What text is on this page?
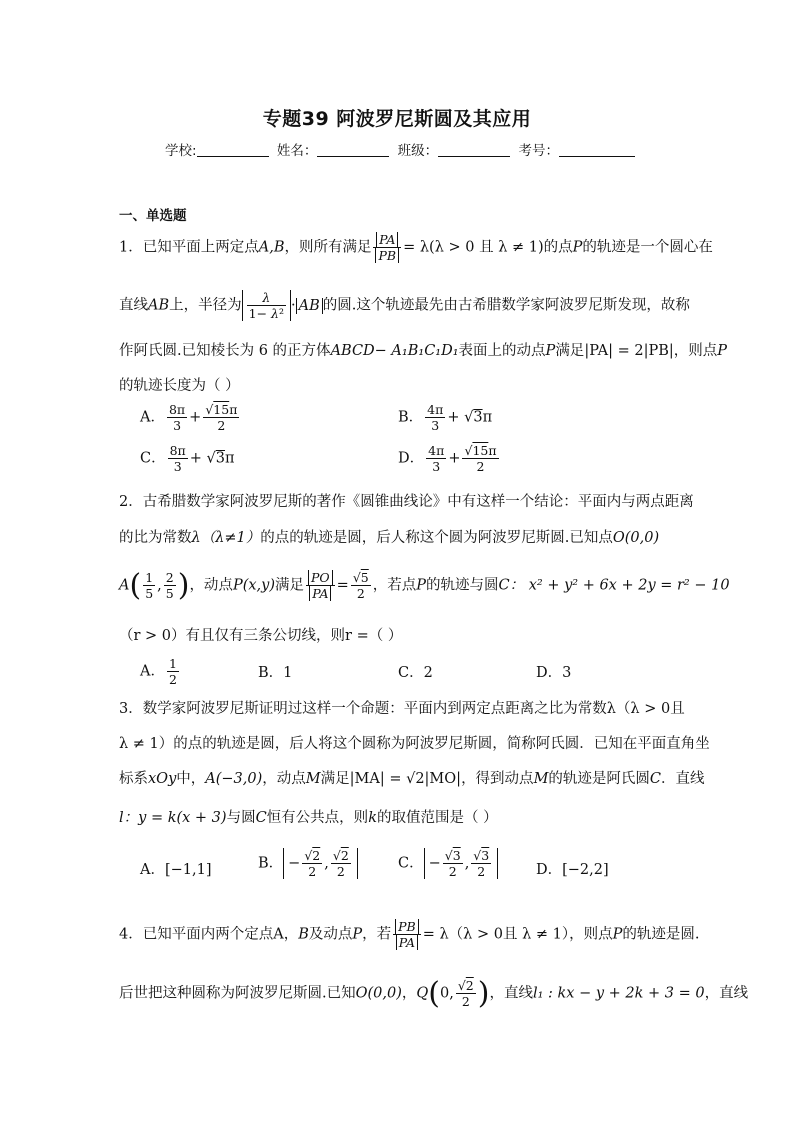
专题39 阿波罗尼斯圆及其应用
学校:	姓名：	班级：	考号：
一、单选题
1．已知平面上两定点A,B，则所有满足 $\frac{PA}{PB} = \lambda(\lambda > 0$ 且 λ ≠ 1)的点P的轨迹是一个圆心在
直线AB上，半径为 $\frac{\lambda}{\text{1− λ²}}$ · AB 的圆.这个轨迹最先由古希腊数学家阿波罗尼斯发现，故称
作阿氏圆.已知棱长为 6 的正方体ABCD− A₁B₁C₁D₁表面上的动点P满足|PA| = 2|PB|，则点P
的轨迹长度为（ ）
A． $\frac{8\pi}{3} + \frac{√15\pi}{2}$	B． $\frac{4\pi}{3} + √3\pi$
C． $\frac{8\pi}{3} + √3\pi$	D． $\frac{4\pi}{3} + \frac{√15\pi}{2}$
2．古希腊数学家阿波罗尼斯的著作《圆锥曲线论》中有这样一个结论：平面内与两点距离
的比为常数λ（λ≠1）的点的轨迹是圆，后人称这个圆为阿波罗尼斯圆.已知点O(0,0)
$A( \frac{1}{5}$ , $\frac{2}{5}$ )，动点P(x,y)满足 $\frac{PO}{PA} = \frac{√5}{2}$ ，若点P的轨迹与圆C： x² + y² + 6x + 2y = r² − 10
（r > 0）有且仅有三条公切线，则r =（ ）
A． $\frac{1}{2}$	B．1	C．2	D．3
3．数学家阿波罗尼斯证明过这样一个命题：平面内到两定点距离之比为常数λ（λ > 0且
λ ≠ 1）的点的轨迹是圆，后人将这个圆称为阿波罗尼斯圆，简称阿氏圆．已知在平面直角坐
标系xOy中，A(−3,0)，动点M满足|MA| = √2|MO|，得到动点M的轨迹是阿氏圆C．直线
l：y = k(x + 3)与圆C恒有公共点，则k的取值范围是（ ）
A．[−1,1]	B． − $\frac{√2}{2}$ , $\frac{√2}{2}$	C． − $\frac{√3}{2}$ , $\frac{√3}{2}$	D．[−2,2]
4．已知平面内两个定点A，B及动点P，若 $\frac{PB}{PA} = \lambda(\lambda > 0$且 λ ≠ 1），则点P的轨迹是圆.
后世把这种圆称为阿波罗尼斯圆.已知O(0,0)，Q(0, $\frac{√2}{2}$ )，直线l₁ : kx − y + 2k + 3 = 0，直线
